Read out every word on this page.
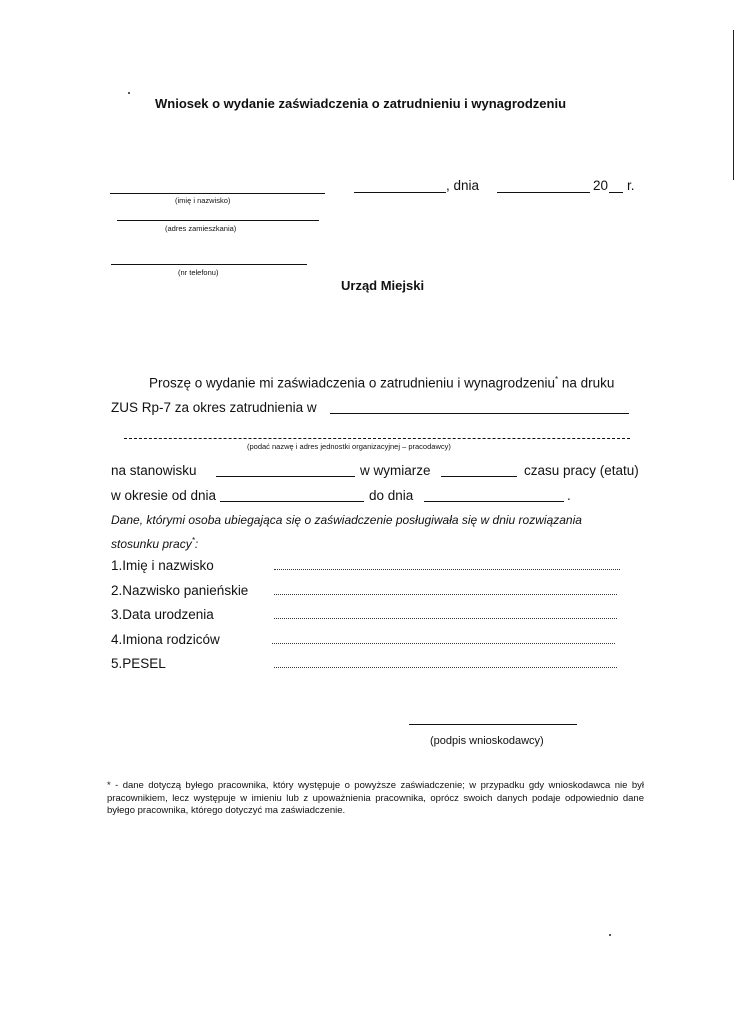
Wniosek o wydanie zaświadczenia o zatrudnieniu i wynagrodzeniu
(imię i nazwisko)
, dnia	20 r.
(adres zamieszkania)
(nr telefonu)
Urząd Miejski
Proszę o wydanie mi zaświadczenia o zatrudnieniu i wynagrodzeniu* na druku
ZUS Rp-7 za okres zatrudnienia w
(podać nazwę i adres jednostki organizacyjnej – pracodawcy)
na stanowisku	w wymiarze	czasu pracy (etatu)
w okresie od dnia	do dnia	.
Dane, którymi osoba ubiegająca się o zaświadczenie posługiwała się w dniu rozwiązania
stosunku pracy*:
1.Imię i nazwisko
2.Nazwisko panieńskie
3.Data urodzenia
4.Imiona rodziców
5.PESEL
(podpis wnioskodawcy)
* - dane dotyczą byłego pracownika, który występuje o powyższe zaświadczenie; w przypadku gdy wnioskodawca nie był pracownikiem, lecz występuje w imieniu lub z upoważnienia pracownika, oprócz swoich danych podaje odpowiednio dane byłego pracownika, którego dotyczyć ma zaświadczenie.
